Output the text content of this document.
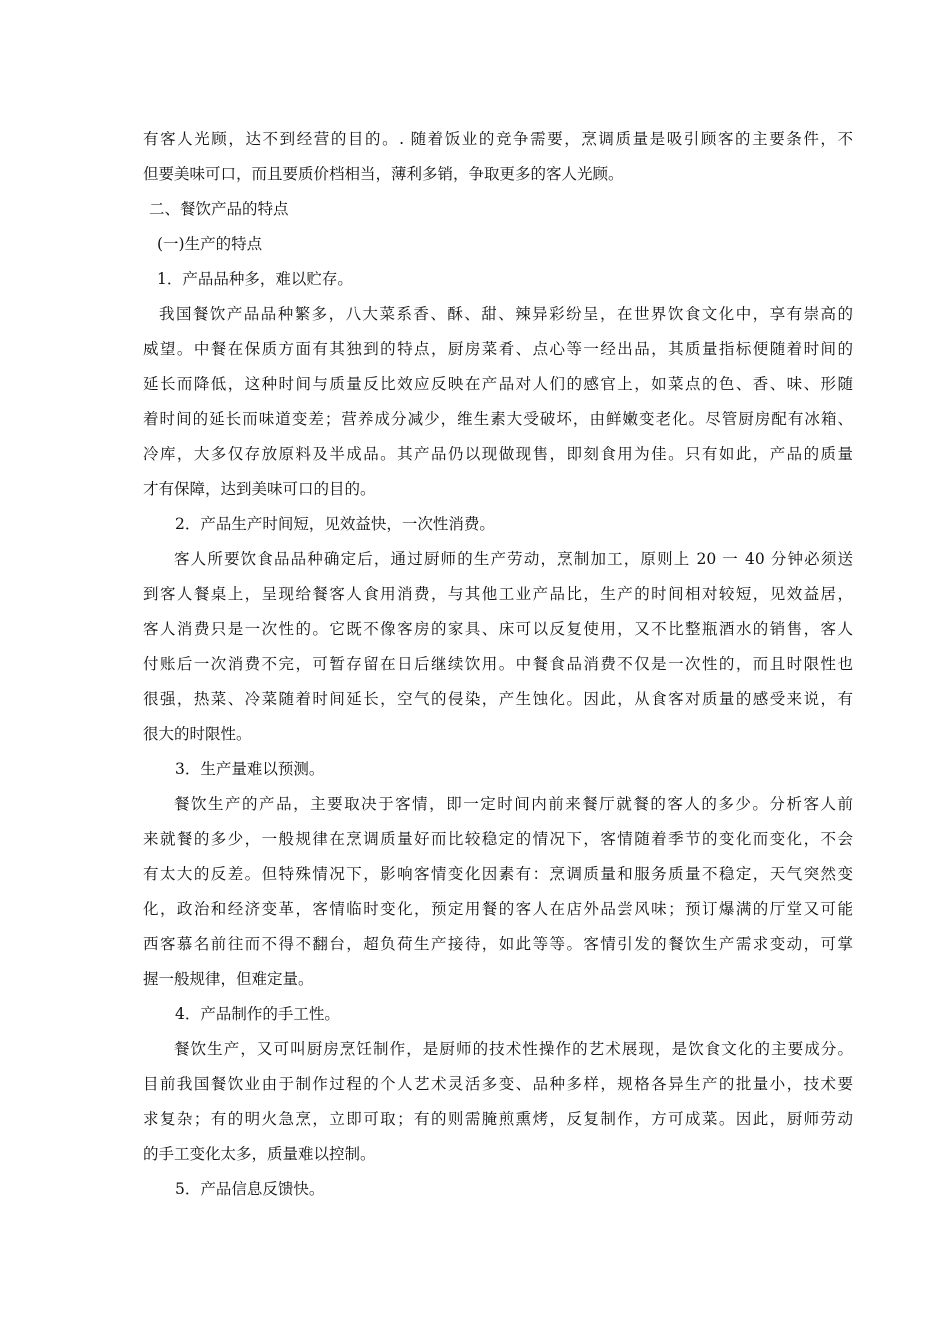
有客人光顾，达不到经营的目的。. 随着饭业的竞争需要，烹调质量是吸引顾客的主要条件，不
但要美味可口，而且要质价档相当，薄利多销，争取更多的客人光顾。
二、餐饮产品的特点
(一)生产的特点
1．产品品种多，难以贮存。
我国餐饮产品品种繁多，八大菜系香、酥、甜、辣异彩纷呈，在世界饮食文化中，享有崇高的
威望。中餐在保质方面有其独到的特点，厨房菜肴、点心等一经出品，其质量指标便随着时间的
延长而降低，这种时间与质量反比效应反映在产品对人们的感官上，如菜点的色、香、味、形随
着时间的延长而味道变差；营养成分减少，维生素大受破坏，由鲜嫩变老化。尽管厨房配有冰箱、
冷库，大多仅存放原料及半成品。其产品仍以现做现售，即刻食用为佳。只有如此，产品的质量
才有保障，达到美味可口的目的。
2．产品生产时间短，见效益快，一次性消费。
客人所要饮食品品种确定后，通过厨师的生产劳动，烹制加工，原则上 20 一 40 分钟必须送
到客人餐桌上，呈现给餐客人食用消费，与其他工业产品比，生产的时间相对较短，见效益居，
客人消费只是一次性的。它既不像客房的家具、床可以反复使用，又不比整瓶酒水的销售，客人
付账后一次消费不完，可暂存留在日后继续饮用。中餐食品消费不仅是一次性的，而且时限性也
很强，热菜、冷菜随着时间延长，空气的侵染，产生蚀化。因此，从食客对质量的感受来说，有
很大的时限性。
3．生产量难以预测。
餐饮生产的产品，主要取决于客情，即一定时间内前来餐厅就餐的客人的多少。分析客人前
来就餐的多少，一般规律在烹调质量好而比较稳定的情况下，客情随着季节的变化而变化，不会
有太大的反差。但特殊情况下，影响客情变化因素有：烹调质量和服务质量不稳定，天气突然变
化，政治和经济变革，客情临时变化，预定用餐的客人在店外品尝风味；预订爆满的厅堂又可能
西客慕名前往而不得不翻台，超负荷生产接待，如此等等。客情引发的餐饮生产需求变动，可掌
握一般规律，但难定量。
4．产品制作的手工性。
餐饮生产，又可叫厨房烹饪制作，是厨师的技术性操作的艺术展现，是饮食文化的主要成分。
目前我国餐饮业由于制作过程的个人艺术灵活多变、品种多样，规格各异生产的批量小，技术要
求复杂；有的明火急烹，立即可取；有的则需腌煎熏烤，反复制作，方可成菜。因此，厨师劳动
的手工变化太多，质量难以控制。
5．产品信息反馈快。
